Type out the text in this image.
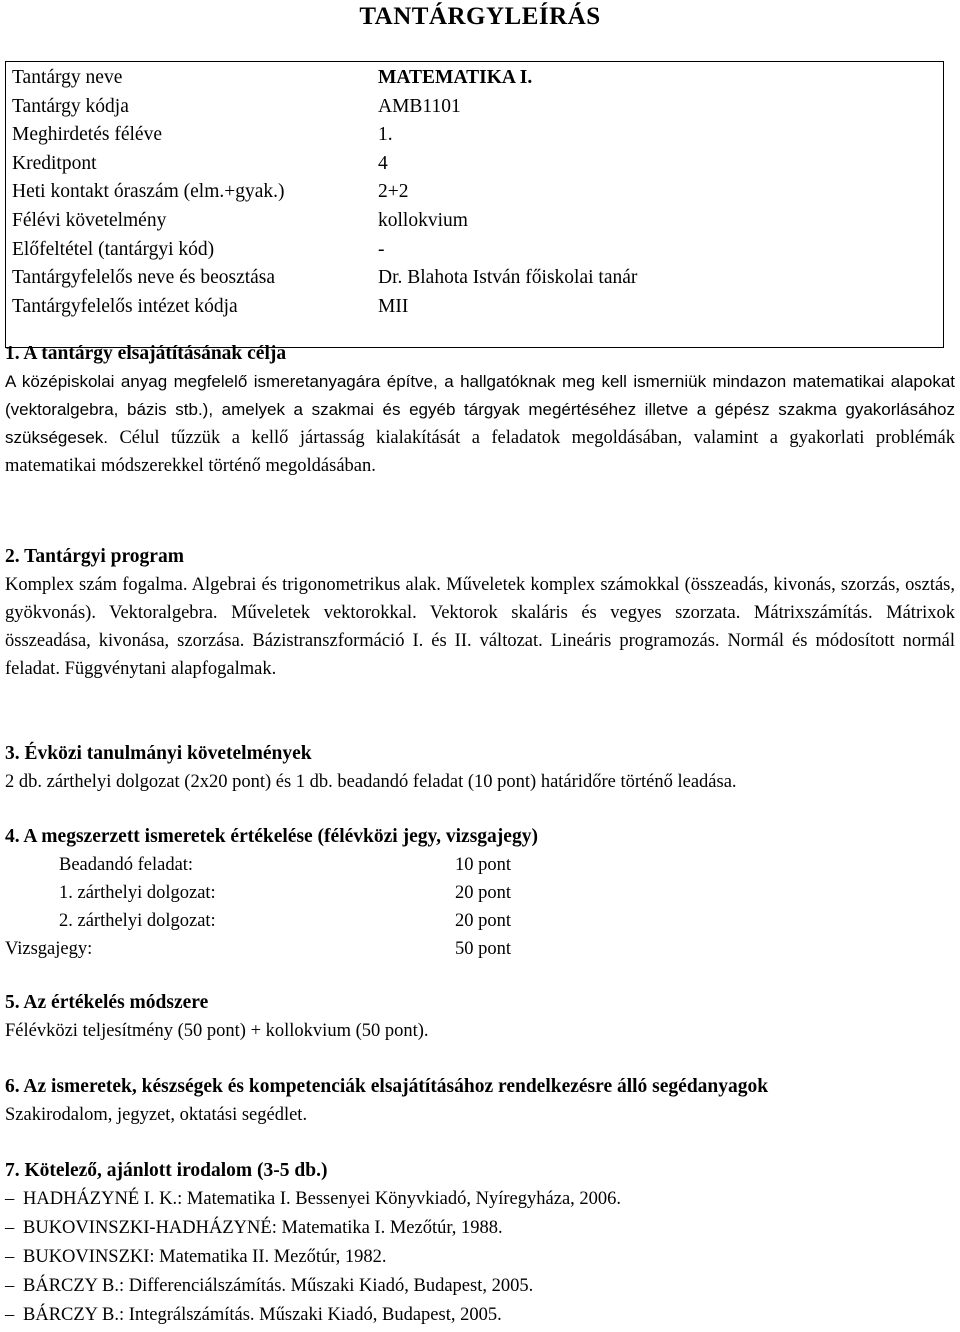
TANTÁRGYLEÍRÁS
Tantárgy neve	MATEMATIKA I.
Tantárgy kódja	AMB1101
Meghirdetés féléve	1.
Kreditpont	4
Heti kontakt óraszám (elm.+gyak.)	2+2
Félévi követelmény	kollokvium
Előfeltétel (tantárgyi kód)	-
Tantárgyfelelős neve és beosztása	Dr. Blahota István főiskolai tanár
Tantárgyfelelős intézet kódja	MII
1. A tantárgy elsajátításának célja
A középiskolai anyag megfelelő ismeretanyagára építve, a hallgatóknak meg kell ismerniük mindazon matematikai alapokat (vektoralgebra, bázis stb.), amelyek a szakmai és egyéb tárgyak megértéséhez illetve a gépész szakma gyakorlásához szükségesek. Célul tűzzük a kellő jártasság kialakítását a feladatok megoldásában, valamint a gyakorlati problémák matematikai módszerekkel történő megoldásában.
2. Tantárgyi program
Komplex szám fogalma. Algebrai és trigonometrikus alak. Műveletek komplex számokkal (összeadás, kivonás, szorzás, osztás, gyökvonás). Vektoralgebra. Műveletek vektorokkal. Vektorok skaláris és vegyes szorzata. Mátrixszámítás. Mátrixok összeadása, kivonása, szorzása. Bázistranszformáció I. és II. változat. Lineáris programozás. Normál és módosított normál feladat. Függvénytani alapfogalmak.
3. Évközi tanulmányi követelmények
2 db. zárthelyi dolgozat (2x20 pont) és 1 db. beadandó feladat (10 pont) határidőre történő leadása.
4. A megszerzett ismeretek értékelése (félévközi jegy, vizsgajegy)
Beadandó feladat:	10 pont
1. zárthelyi dolgozat:	20 pont
2. zárthelyi dolgozat:	20 pont
Vizsgajegy:	50 pont
5. Az értékelés módszere
Félévközi teljesítmény (50 pont) + kollokvium (50 pont).
6. Az ismeretek, készségek és kompetenciák elsajátításához rendelkezésre álló segédanyagok
Szakirodalom, jegyzet, oktatási segédlet.
7. Kötelező, ajánlott irodalom (3-5 db.)
– HADHÁZYNÉ I. K.: Matematika I. Bessenyei Könyvkiadó, Nyíregyháza, 2006.
– BUKOVINSZKI-HADHÁZYNÉ: Matematika I. Mezőtúr, 1988.
– BUKOVINSZKI: Matematika II. Mezőtúr, 1982.
– BÁRCZY B.: Differenciálszámítás. Műszaki Kiadó, Budapest, 2005.
– BÁRCZY B.: Integrálszámítás. Műszaki Kiadó, Budapest, 2005.
